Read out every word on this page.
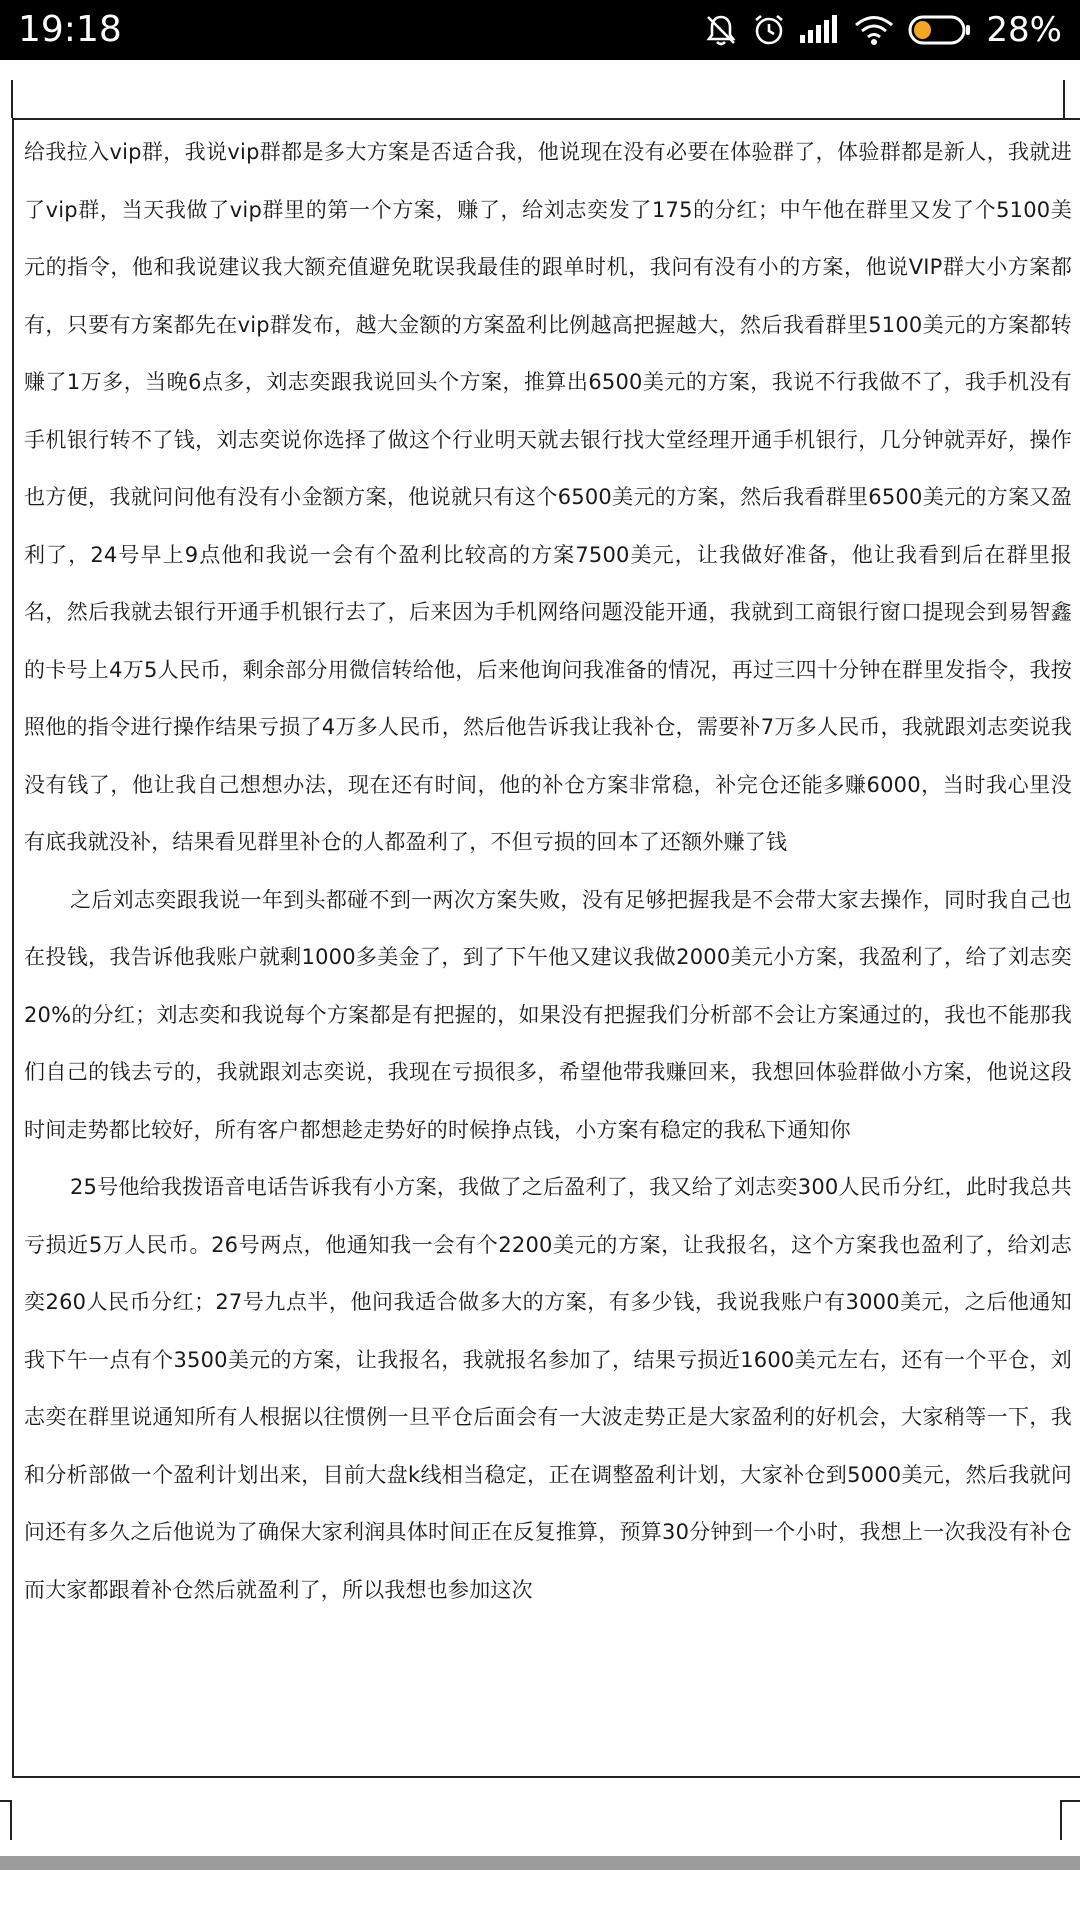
19:18	28%

给我拉入vip群，我说vip群都是多大方案是否适合我，他说现在没有必要在体验群了，体验群都是新人，我就进了vip群，当天我做了vip群里的第一个方案，赚了，给刘志奕发了175的分红；中午他在群里又发了个5100美元的指令，他和我说建议我大额充值避免耽误我最佳的跟单时机，我问有没有小的方案，他说VIP群大小方案都有，只要有方案都先在vip群发布，越大金额的方案盈利比例越高把握越大，然后我看群里5100美元的方案都转赚了1万多，当晚6点多，刘志奕跟我说回头个方案，推算出6500美元的方案，我说不行我做不了，我手机没有手机银行转不了钱，刘志奕说你选择了做这个行业明天就去银行找大堂经理开通手机银行，几分钟就弄好，操作也方便，我就问问他有没有小金额方案，他说就只有这个6500美元的方案，然后我看群里6500美元的方案又盈利了，24号早上9点他和我说一会有个盈利比较高的方案7500美元，让我做好准备，他让我看到后在群里报名，然后我就去银行开通手机银行去了，后来因为手机网络问题没能开通，我就到工商银行窗口提现会到易智鑫的卡号上4万5人民币，剩余部分用微信转给他，后来他询问我准备的情况，再过三四十分钟在群里发指令，我按照他的指令进行操作结果亏损了4万多人民币，然后他告诉我让我补仓，需要补7万多人民币，我就跟刘志奕说我没有钱了，他让我自己想想办法，现在还有时间，他的补仓方案非常稳，补完仓还能多赚6000，当时我心里没有底我就没补，结果看见群里补仓的人都盈利了，不但亏损的回本了还额外赚了钱

之后刘志奕跟我说一年到头都碰不到一两次方案失败，没有足够把握我是不会带大家去操作，同时我自己也在投钱，我告诉他我账户就剩1000多美金了，到了下午他又建议我做2000美元小方案，我盈利了，给了刘志奕20%的分红；刘志奕和我说每个方案都是有把握的，如果没有把握我们分析部不会让方案通过的，我也不能那我们自己的钱去亏的，我就跟刘志奕说，我现在亏损很多，希望他带我赚回来，我想回体验群做小方案，他说这段时间走势都比较好，所有客户都想趁走势好的时候挣点钱，小方案有稳定的我私下通知你

25号他给我拨语音电话告诉我有小方案，我做了之后盈利了，我又给了刘志奕300人民币分红，此时我总共亏损近5万人民币。26号两点，他通知我一会有个2200美元的方案，让我报名，这个方案我也盈利了，给刘志奕260人民币分红；27号九点半，他问我适合做多大的方案，有多少钱，我说我账户有3000美元，之后他通知我下午一点有个3500美元的方案，让我报名，我就报名参加了，结果亏损近1600美元左右，还有一个平仓，刘志奕在群里说通知所有人根据以往惯例一旦平仓后面会有一大波走势正是大家盈利的好机会，大家稍等一下，我和分析部做一个盈利计划出来，目前大盘k线相当稳定，正在调整盈利计划，大家补仓到5000美元，然后我就问问还有多久之后他说为了确保大家利润具体时间正在反复推算，预算30分钟到一个小时，我想上一次我没有补仓而大家都跟着补仓然后就盈利了，所以我想也参加这次
